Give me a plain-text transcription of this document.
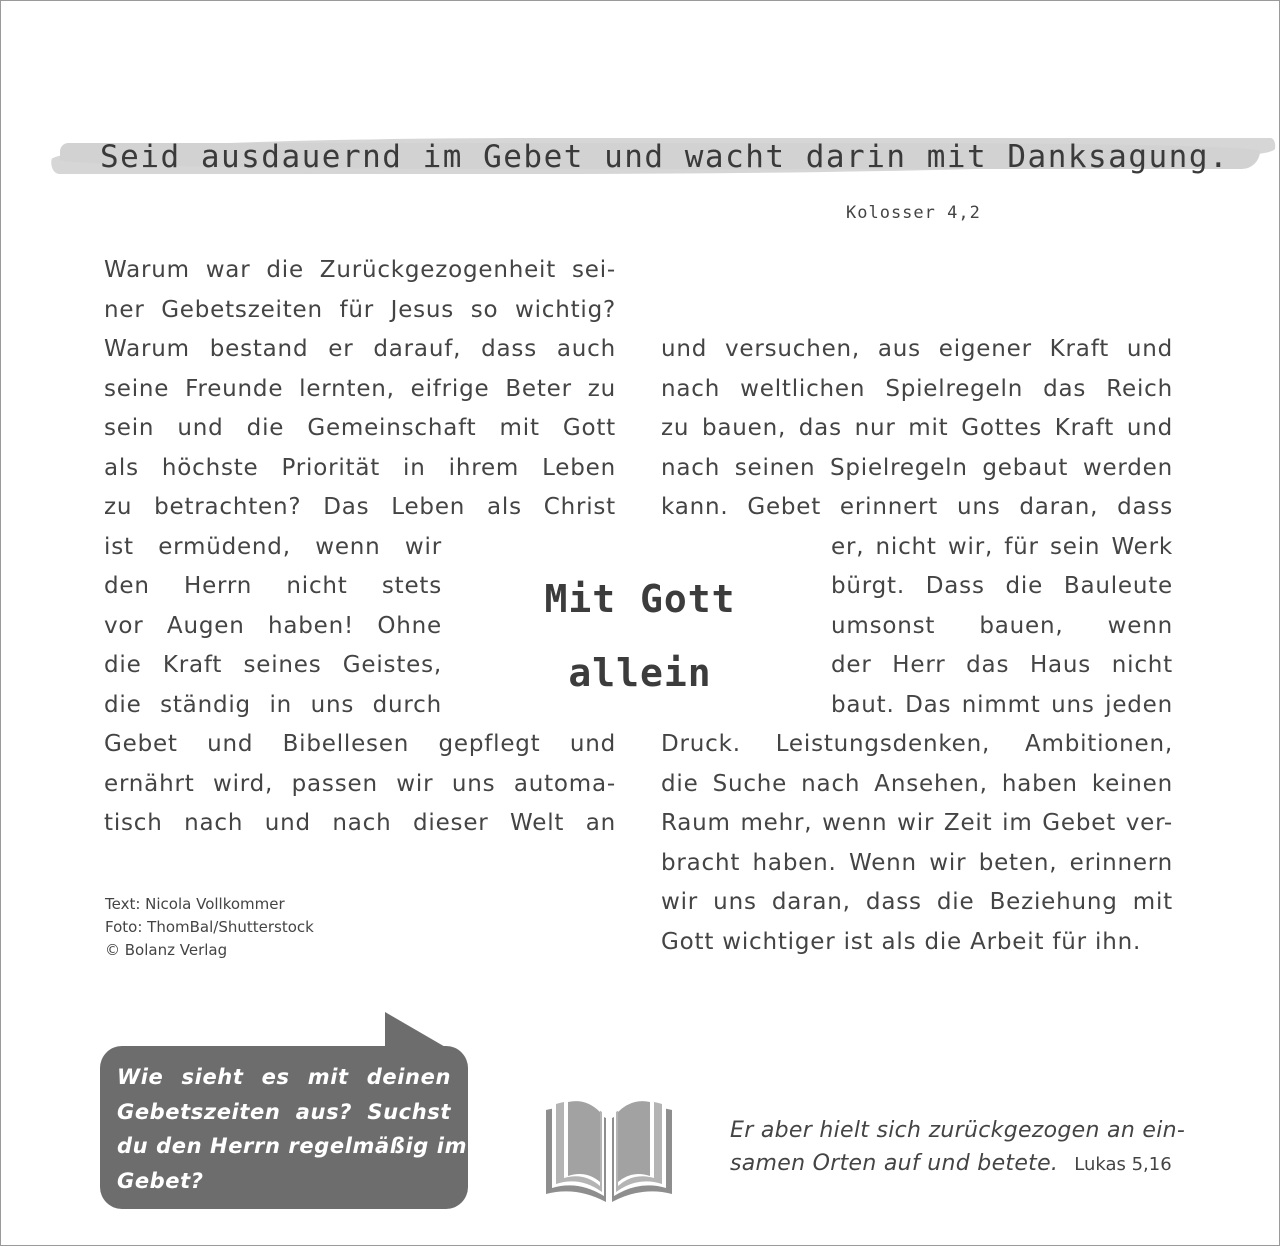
Seid ausdauernd im Gebet und wacht darin mit Danksagung.
Kolosser 4,2
Warum war die Zurückgezogenheit sei-
ner Gebetszeiten für Jesus so wichtig?
Warum bestand er darauf, dass auch
seine Freunde lernten, eifrige Beter zu
sein und die Gemeinschaft mit Gott
als höchste Priorität in ihrem Leben
zu betrachten? Das Leben als Christ
ist ermüdend, wenn wir
den Herrn nicht stets
vor Augen haben! Ohne
die Kraft seines Geistes,
die ständig in uns durch
Gebet und Bibellesen gepflegt und
ernährt wird, passen wir uns automa-
tisch nach und nach dieser Welt an
Mit Gott
allein
und versuchen, aus eigener Kraft und
nach weltlichen Spielregeln das Reich
zu bauen, das nur mit Gottes Kraft und
nach seinen Spielregeln gebaut werden
kann. Gebet erinnert uns daran, dass
er, nicht wir, für sein Werk
bürgt. Dass die Bauleute
umsonst bauen, wenn
der Herr das Haus nicht
baut. Das nimmt uns jeden
Druck. Leistungsdenken, Ambitionen,
die Suche nach Ansehen, haben keinen
Raum mehr, wenn wir Zeit im Gebet ver-
bracht haben. Wenn wir beten, erinnern
wir uns daran, dass die Beziehung mit
Gott wichtiger ist als die Arbeit für ihn.
Text: Nicola Vollkommer
Foto: ThomBal/Shutterstock
© Bolanz Verlag
Wie sieht es mit deinen
Gebetszeiten aus? Suchst
du den Herrn regelmäßig im
Gebet?
Er aber hielt sich zurückgezogen an ein-
samen Orten auf und betete. Lukas 5,16
